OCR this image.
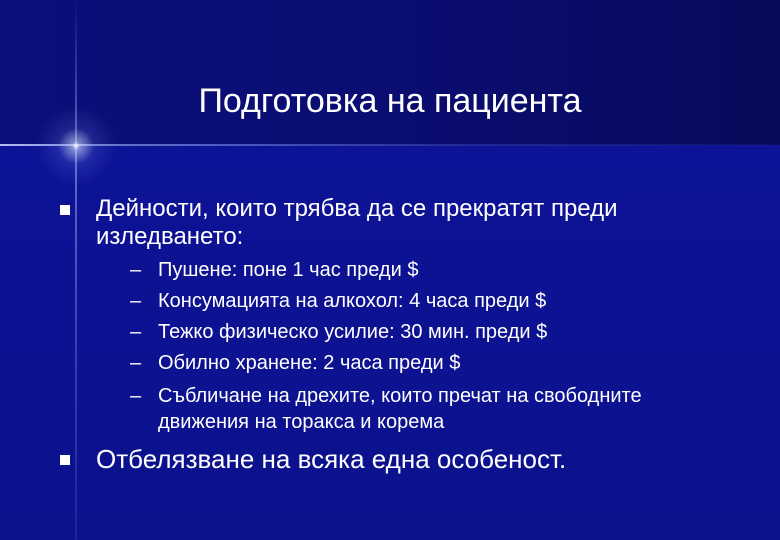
Подготовка на пациента

Дейности, които трябва да се прекратят преди

изледването:

– Пушене: поне 1 час преди $

– Консумацията на алкохол: 4 часа преди $

– Тежко физическо усилие: 30 мин. преди $

– Обилно хранене: 2 часа преди $

– Събличане на дрехите, които пречат на свободните

движения на торакса и корема

Отбелязване на всяка една особеност.
